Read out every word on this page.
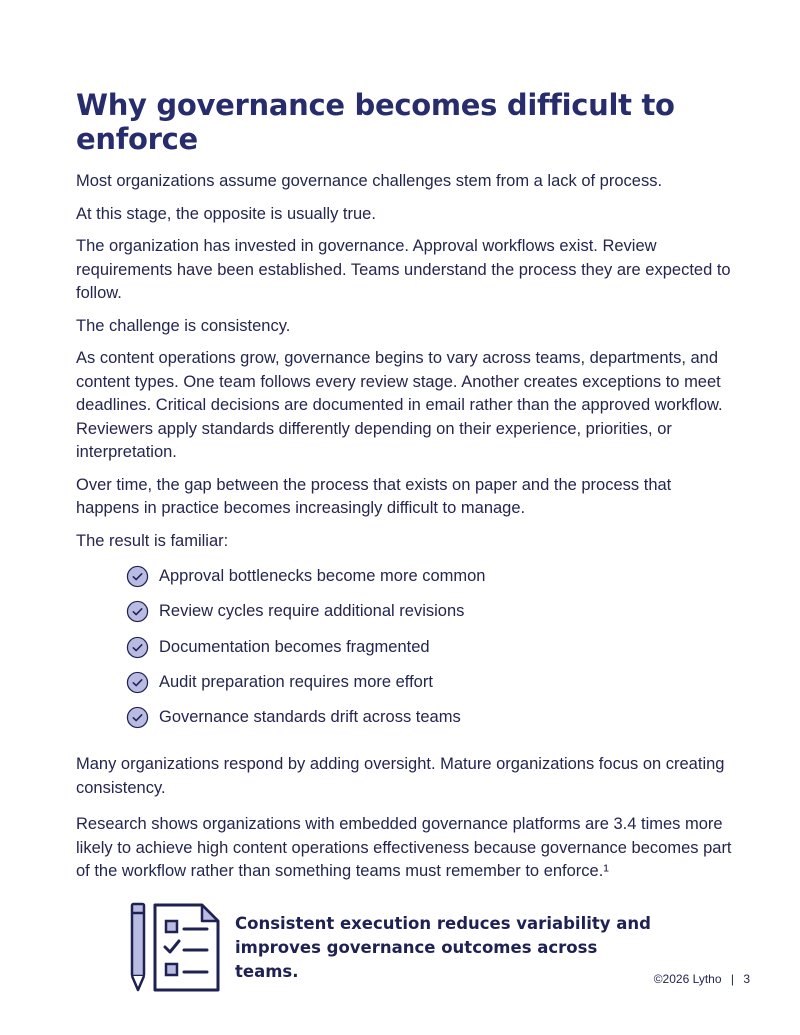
Why governance becomes difficult to enforce

Most organizations assume governance challenges stem from a lack of process.

At this stage, the opposite is usually true.

The organization has invested in governance. Approval workflows exist. Review requirements have been established. Teams understand the process they are expected to follow.

The challenge is consistency.

As content operations grow, governance begins to vary across teams, departments, and content types. One team follows every review stage. Another creates exceptions to meet deadlines. Critical decisions are documented in email rather than the approved workflow. Reviewers apply standards differently depending on their experience, priorities, or interpretation.

Over time, the gap between the process that exists on paper and the process that happens in practice becomes increasingly difficult to manage.

The result is familiar:

Approval bottlenecks become more common
Review cycles require additional revisions
Documentation becomes fragmented
Audit preparation requires more effort
Governance standards drift across teams

Many organizations respond by adding oversight. Mature organizations focus on creating consistency.

Research shows organizations with embedded governance platforms are 3.4 times more likely to achieve high content operations effectiveness because governance becomes part of the workflow rather than something teams must remember to enforce.¹

Consistent execution reduces variability and improves governance outcomes across teams.	©2026 Lytho | 3
